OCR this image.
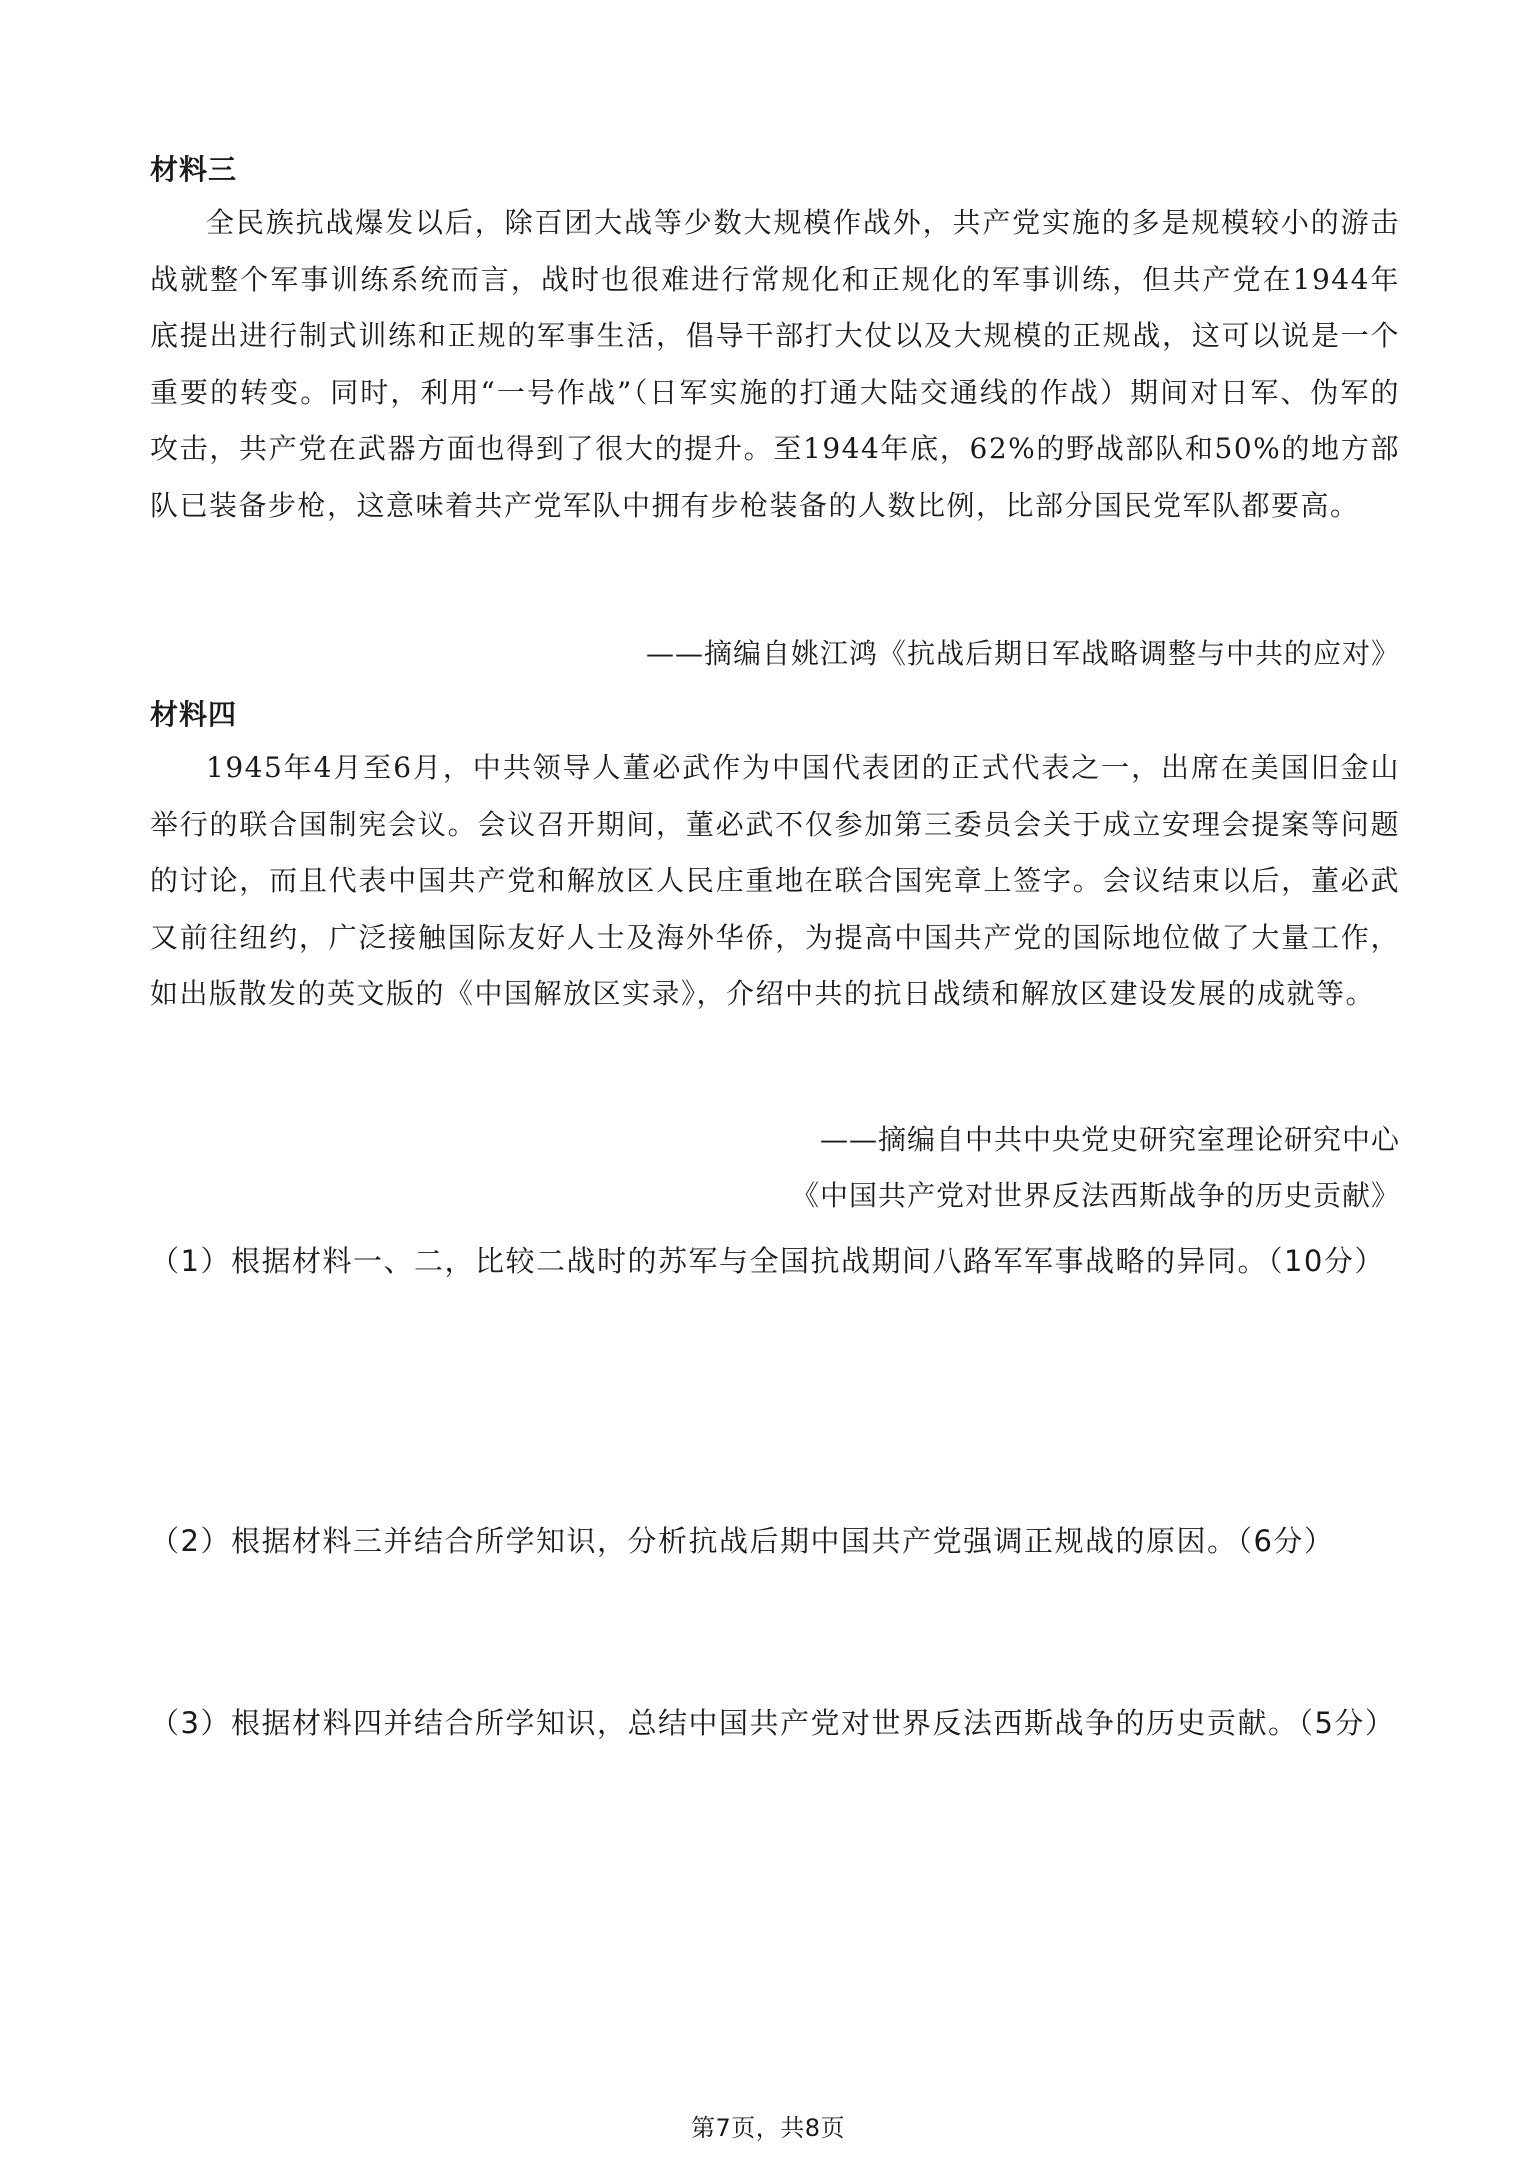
材料三
全民族抗战爆发以后，除百团大战等少数大规模作战外，共产党实施的多是规模较小的游击战就整个军事训练系统而言，战时也很难进行常规化和正规化的军事训练，但共产党在1944年底提出进行制式训练和正规的军事生活，倡导干部打大仗以及大规模的正规战，这可以说是一个重要的转变。同时，利用“一号作战”（日军实施的打通大陆交通线的作战）期间对日军、伪军的攻击，共产党在武器方面也得到了很大的提升。至1944年底，62%的野战部队和50%的地方部队已装备步枪，这意味着共产党军队中拥有步枪装备的人数比例，比部分国民党军队都要高。
——摘编自姚江鸿《抗战后期日军战略调整与中共的应对》
材料四
1945年4月至6月，中共领导人董必武作为中国代表团的正式代表之一，出席在美国旧金山举行的联合国制宪会议。会议召开期间，董必武不仅参加第三委员会关于成立安理会提案等问题的讨论，而且代表中国共产党和解放区人民庄重地在联合国宪章上签字。会议结束以后，董必武又前往纽约，广泛接触国际友好人士及海外华侨，为提高中国共产党的国际地位做了大量工作，如出版散发的英文版的《中国解放区实录》，介绍中共的抗日战绩和解放区建设发展的成就等。
——摘编自中共中央党史研究室理论研究中心
《中国共产党对世界反法西斯战争的历史贡献》
（1）根据材料一、二，比较二战时的苏军与全国抗战期间八路军军事战略的异同。（10分）
（2）根据材料三并结合所学知识，分析抗战后期中国共产党强调正规战的原因。（6分）
（3）根据材料四并结合所学知识，总结中国共产党对世界反法西斯战争的历史贡献。（5分）
第7页，共8页
